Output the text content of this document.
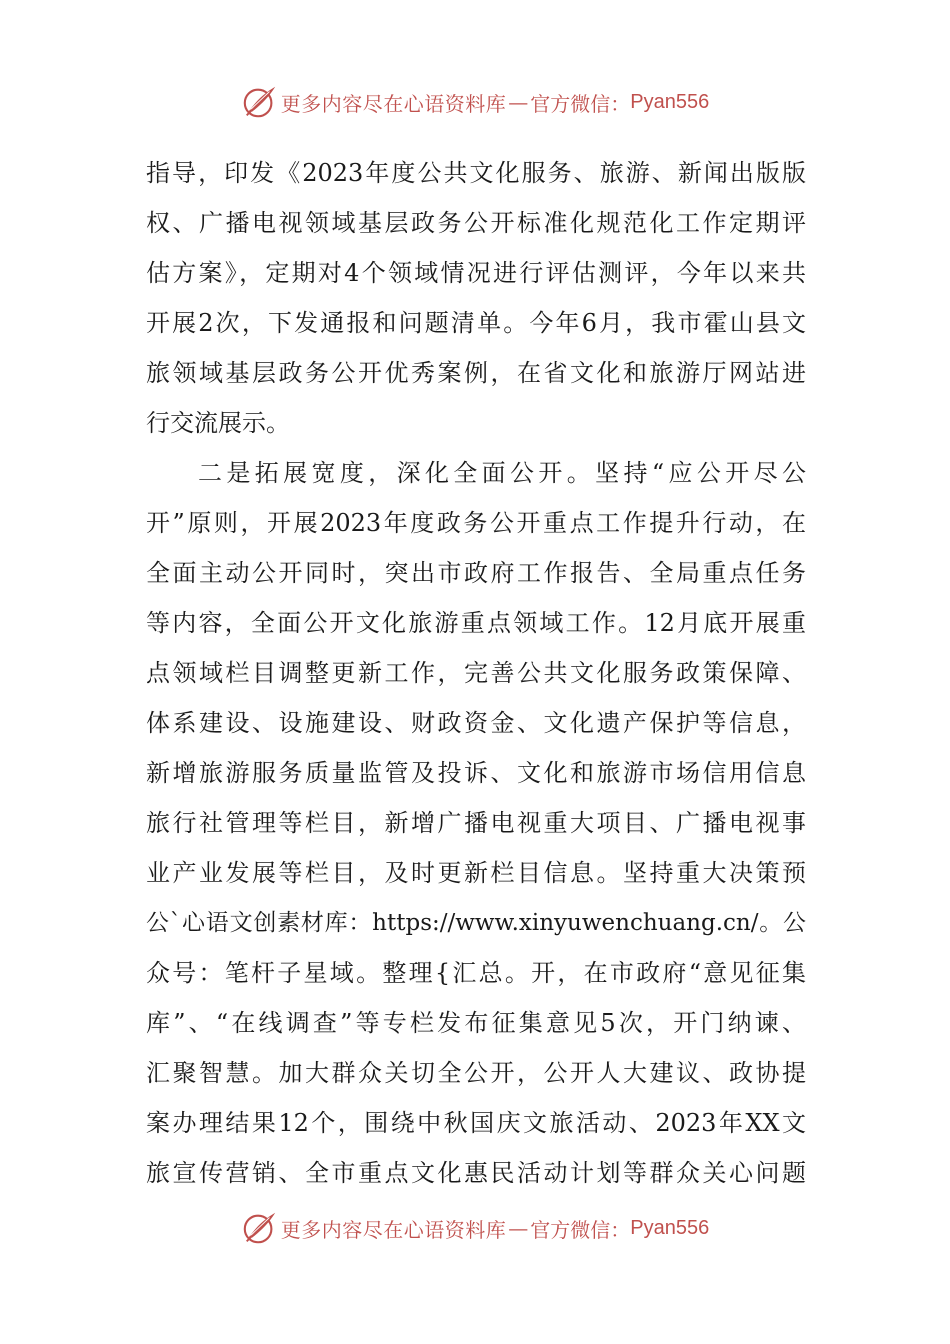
更多内容尽在心语资料库 — 官方微信： Pyan556
指导，印发《2023年度公共文化服务、旅游、新闻出版版
权、广播电视领域基层政务公开标准化规范化工作定期评
估方案》，定期对4个领域情况进行评估测评，今年以来共
开展2次，下发通报和问题清单。今年6月，我市霍山县文
旅领域基层政务公开优秀案例，在省文化和旅游厅网站进
行交流展示。
二是拓展宽度，深化全面公开。坚持“应公开尽公
开”原则，开展2023年度政务公开重点工作提升行动，在
全面主动公开同时，突出市政府工作报告、全局重点任务
等内容，全面公开文化旅游重点领域工作。12月底开展重
点领域栏目调整更新工作，完善公共文化服务政策保障、
体系建设、设施建设、财政资金、文化遗产保护等信息，
新增旅游服务质量监管及投诉、文化和旅游市场信用信息
旅行社管理等栏目，新增广播电视重大项目、广播电视事
业产业发展等栏目，及时更新栏目信息。坚持重大决策预
公`心语文创素材库：https://www.xinyuwenchuang.cn/。公
众号：笔杆子星域。整理{汇总。开，在市政府“意见征集
库”、“在线调查”等专栏发布征集意见5次，开门纳谏、
汇聚智慧。加大群众关切全公开，公开人大建议、政协提
案办理结果12个，围绕中秋国庆文旅活动、2023年XX文
旅宣传营销、全市重点文化惠民活动计划等群众关心问题
更多内容尽在心语资料库 — 官方微信： Pyan556
